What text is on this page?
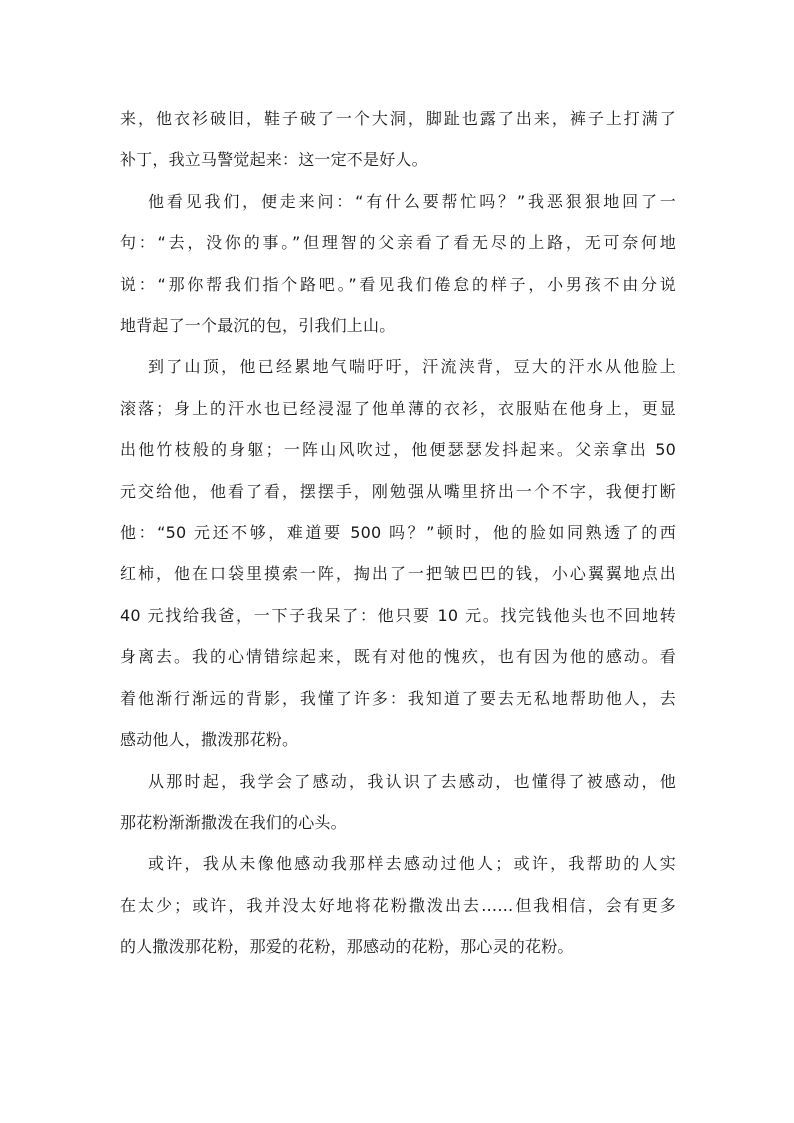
来，他衣衫破旧，鞋子破了一个大洞，脚趾也露了出来，裤子上打满了
补丁，我立马警觉起来：这一定不是好人。

他看见我们，便走来问：“有什么要帮忙吗？”我恶狠狠地回了一
句：“去，没你的事。”但理智的父亲看了看无尽的上路，无可奈何地
说：“那你帮我们指个路吧。”看见我们倦怠的样子，小男孩不由分说
地背起了一个最沉的包，引我们上山。

到了山顶，他已经累地气喘吁吁，汗流浃背，豆大的汗水从他脸上
滚落；身上的汗水也已经浸湿了他单薄的衣衫，衣服贴在他身上，更显
出他竹枝般的身躯；一阵山风吹过，他便瑟瑟发抖起来。父亲拿出 50
元交给他，他看了看，摆摆手，刚勉强从嘴里挤出一个不字，我便打断
他：“50 元还不够，难道要 500 吗？”顿时，他的脸如同熟透了的西
红柿，他在口袋里摸索一阵，掏出了一把皱巴巴的钱，小心翼翼地点出
40 元找给我爸，一下子我呆了：他只要 10 元。找完钱他头也不回地转
身离去。我的心情错综起来，既有对他的愧疚，也有因为他的感动。看
着他渐行渐远的背影，我懂了许多：我知道了要去无私地帮助他人，去
感动他人，撒泼那花粉。

从那时起，我学会了感动，我认识了去感动，也懂得了被感动，他
那花粉渐渐撒泼在我们的心头。

或许，我从未像他感动我那样去感动过他人；或许，我帮助的人实
在太少；或许，我并没太好地将花粉撒泼出去……但我相信，会有更多
的人撒泼那花粉，那爱的花粉，那感动的花粉，那心灵的花粉。
